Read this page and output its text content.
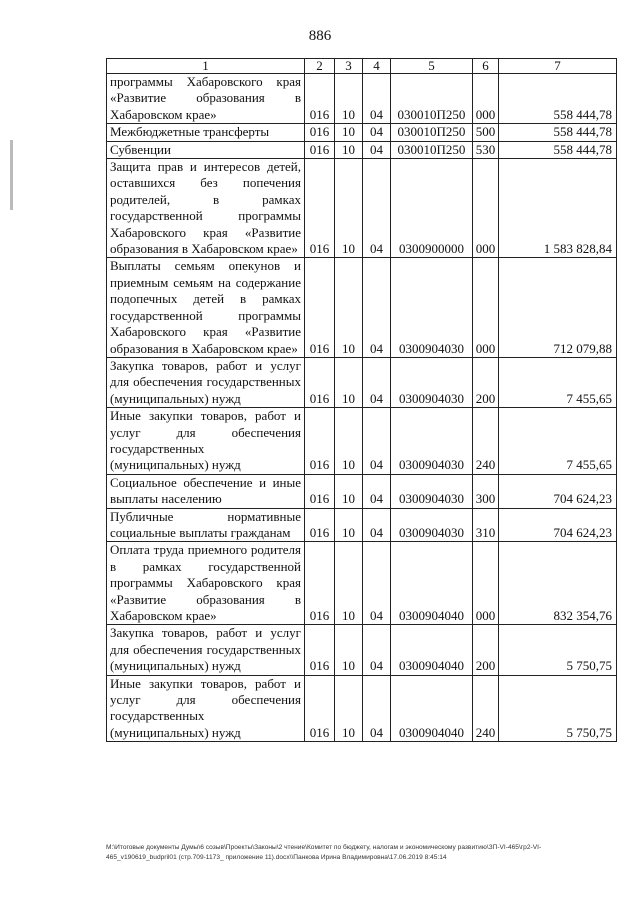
886
1	2	3	4	5	6	7
программы Хабаровского края «Развитие образования в Хабаровском крае»	016	10	04	030010П250	000	558 444,78
Межбюджетные трансферты	016	10	04	030010П250	500	558 444,78
Субвенции	016	10	04	030010П250	530	558 444,78
Защита прав и интересов детей, оставшихся без попечения родителей, в рамках государственной программы Хабаровского края «Развитие образования в Хабаровском крае»	016	10	04	0300900000	000	1 583 828,84
Выплаты семьям опекунов и приемным семьям на содержание подопечных детей в рамках государственной программы Хабаровского края «Развитие образования в Хабаровском крае»	016	10	04	0300904030	000	712 079,88
Закупка товаров, работ и услуг для обеспечения государственных (муниципальных) нужд	016	10	04	0300904030	200	7 455,65
Иные закупки товаров, работ и услуг для обеспечения государственных (муниципальных) нужд	016	10	04	0300904030	240	7 455,65
Социальное обеспечение и иные выплаты населению	016	10	04	0300904030	300	704 624,23
Публичные нормативные социальные выплаты гражданам	016	10	04	0300904030	310	704 624,23
Оплата труда приемного родителя в рамках государственной программы Хабаровского края «Развитие образования в Хабаровском крае»	016	10	04	0300904040	000	832 354,76
Закупка товаров, работ и услуг для обеспечения государственных (муниципальных) нужд	016	10	04	0300904040	200	5 750,75
Иные закупки товаров, работ и услуг для обеспечения государственных (муниципальных) нужд	016	10	04	0300904040	240	5 750,75
M:\Итоговые документы Думы\6 созыв\Проекты\Законы\2 чтение\Комитет по бюджету, налогам и экономическому развитию\ЗП-VI-465\гр2-VI-
465_v190619_budpril01 (стр.709-1173_ приложение 11).docx\\Панкова Ирина Владимировна\17.06.2019 8:45:14
